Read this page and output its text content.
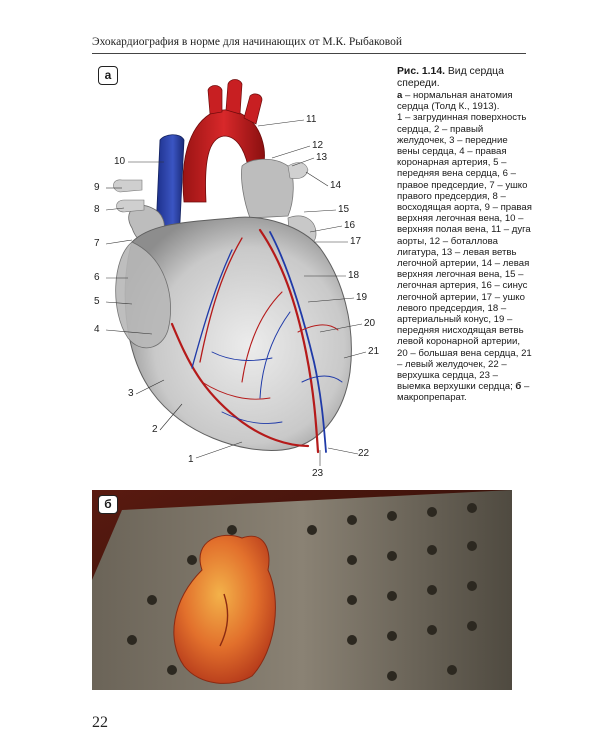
Эхокардиография в норме для начинающих от М.К. Рыбаковой
а
10
9
8
7
6
5
4
3
2
1
11
12
13
14
15
16
17
18
19
20
21
22
23

Рис. 1.14. Вид сердца спереди.

а – нормальная анатомия сердца (Толд К., 1913).

1 – загрудинная поверхность сердца, 2 – правый желудочек, 3 – передние вены сердца, 4 – правая коронарная артерия, 5 – передняя вена сердца, 6 – правое предсердие, 7 – ушко правого предсердия, 8 – восходящая аорта, 9 – правая верхняя легочная вена, 10 – верхняя полая вена, 11 – дуга аорты, 12 – боталлова лигатура, 13 – левая ветвь легочной артерии, 14 – левая верхняя легочная вена, 15 – легочная артерия, 16 – синус легочной артерии, 17 – ушко левого предсердия, 18 – артериальный конус, 19 – передняя нисходящая ветвь левой коронарной артерии, 20 – большая вена сердца, 21 – левый желудочек, 22 – верхушка сердца, 23 – выемка верхушки сердца; б – макропрепарат.

б
22
